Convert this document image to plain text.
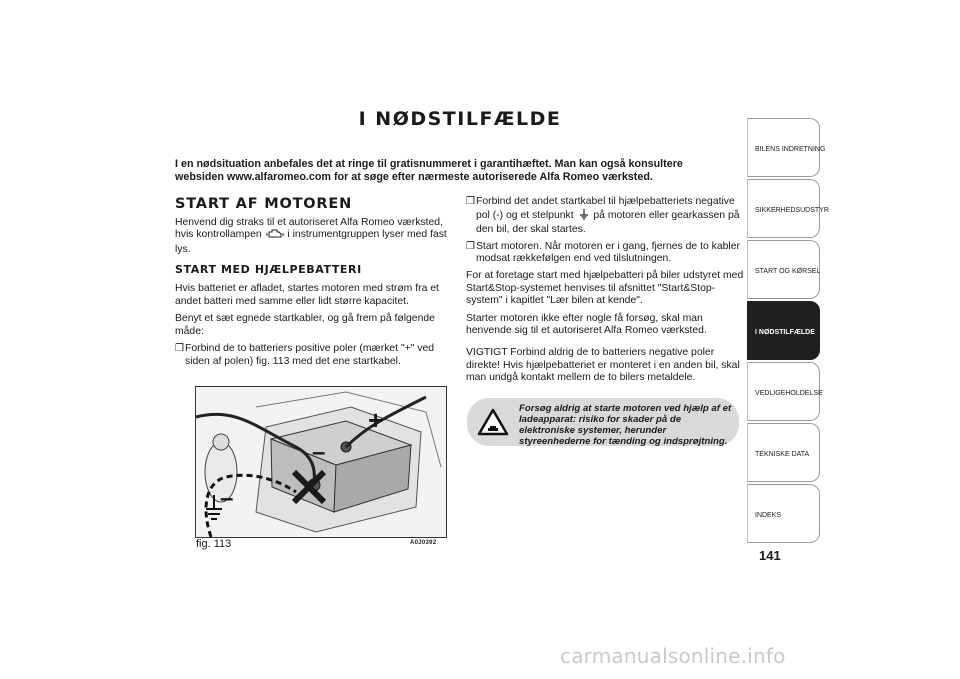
I NØDSTILFÆLDE
I en nødsituation anbefales det at ringe til gratisnummeret i garantihæftet. Man kan også konsultere websiden www.alfaromeo.com for at søge efter nærmeste autoriserede Alfa Romeo værksted.
START AF MOTOREN

Henvend dig straks til et autoriseret Alfa Romeo værksted, hvis kontrollampen i instrumentgruppen lyser med fast lys.

START MED HJÆLPEBATTERI

Hvis batteriet er afladet, startes motoren med strøm fra et andet batteri med samme eller lidt større kapacitet.

Benyt et sæt egnede startkabler, og gå frem på følgende måde:

❒ Forbind de to batteriers positive poler (mærket "+" ved siden af polen) fig. 113 med det ene startkabel.
❒ Forbind det andet startkabel til hjælpebatteriets negative pol (-) og et stelpunkt på motoren eller gearkassen på den bil, der skal startes.
❒ Start motoren. Når motoren er i gang, fjernes de to kabler modsat rækkefølgen end ved tilslutningen.

For at foretage start med hjælpebatteri på biler udstyret med Start&Stop-systemet henvises til afsnittet "Start&Stop-system" i kapitlet "Lær bilen at kende".

Starter motoren ikke efter nogle få forsøg, skal man henvende sig til et autoriseret Alfa Romeo værksted.

VIGTIGT Forbind aldrig de to batteriers negative poler direkte! Hvis hjælpebatteriet er monteret i en anden bil, skal man undgå kontakt mellem de to bilers metaldele.

+
–
–
fig. 113	A0J0392
Forsøg aldrig at starte motoren ved hjælp af et ladeapparat: risiko for skader på de elektroniske systemer, herunder styreenhederne for tænding og indsprøjtning.
BILENS INDRETNING
SIKKERHEDSUDSTYR
START OG KØRSEL
I NØDSTILFÆLDE
VEDLIGEHOLDELSE
TEKNISKE DATA
INDEKS
141
carmanualsonline.info
